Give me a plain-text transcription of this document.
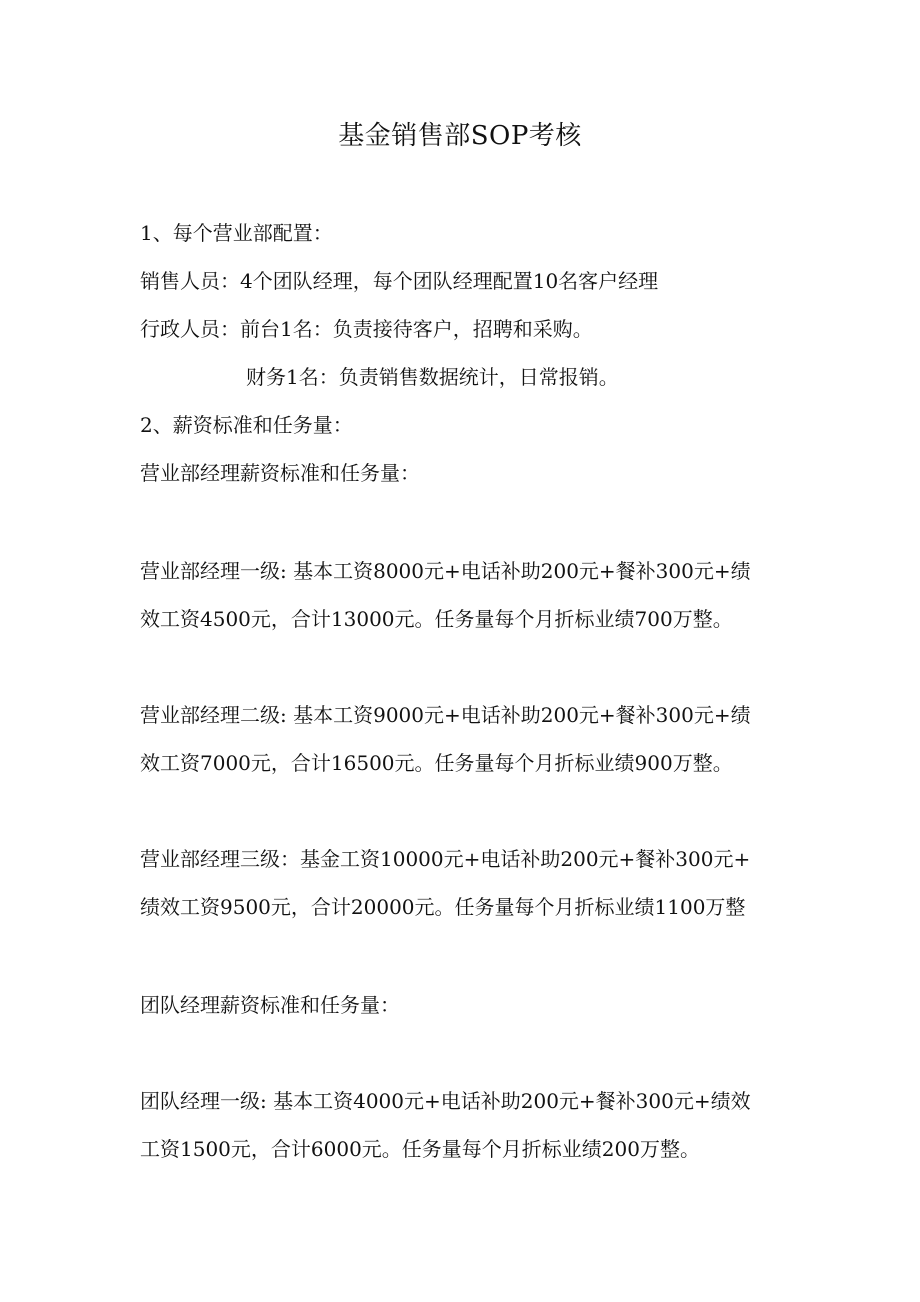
基金销售部SOP考核
1、每个营业部配置：
销售人员：4个团队经理，每个团队经理配置10名客户经理
行政人员：前台1名：负责接待客户，招聘和采购。
财务1名：负责销售数据统计，日常报销。
2、薪资标准和任务量：
营业部经理薪资标准和任务量：
营业部经理一级: 基本工资8000元+电话补助200元+餐补300元+绩
效工资4500元，合计13000元。任务量每个月折标业绩700万整。
营业部经理二级: 基本工资9000元+电话补助200元+餐补300元+绩
效工资7000元，合计16500元。任务量每个月折标业绩900万整。
营业部经理三级：基金工资10000元+电话补助200元+餐补300元+
绩效工资9500元，合计20000元。任务量每个月折标业绩1100万整
团队经理薪资标准和任务量：
团队经理一级: 基本工资4000元+电话补助200元+餐补300元+绩效
工资1500元，合计6000元。任务量每个月折标业绩200万整。
